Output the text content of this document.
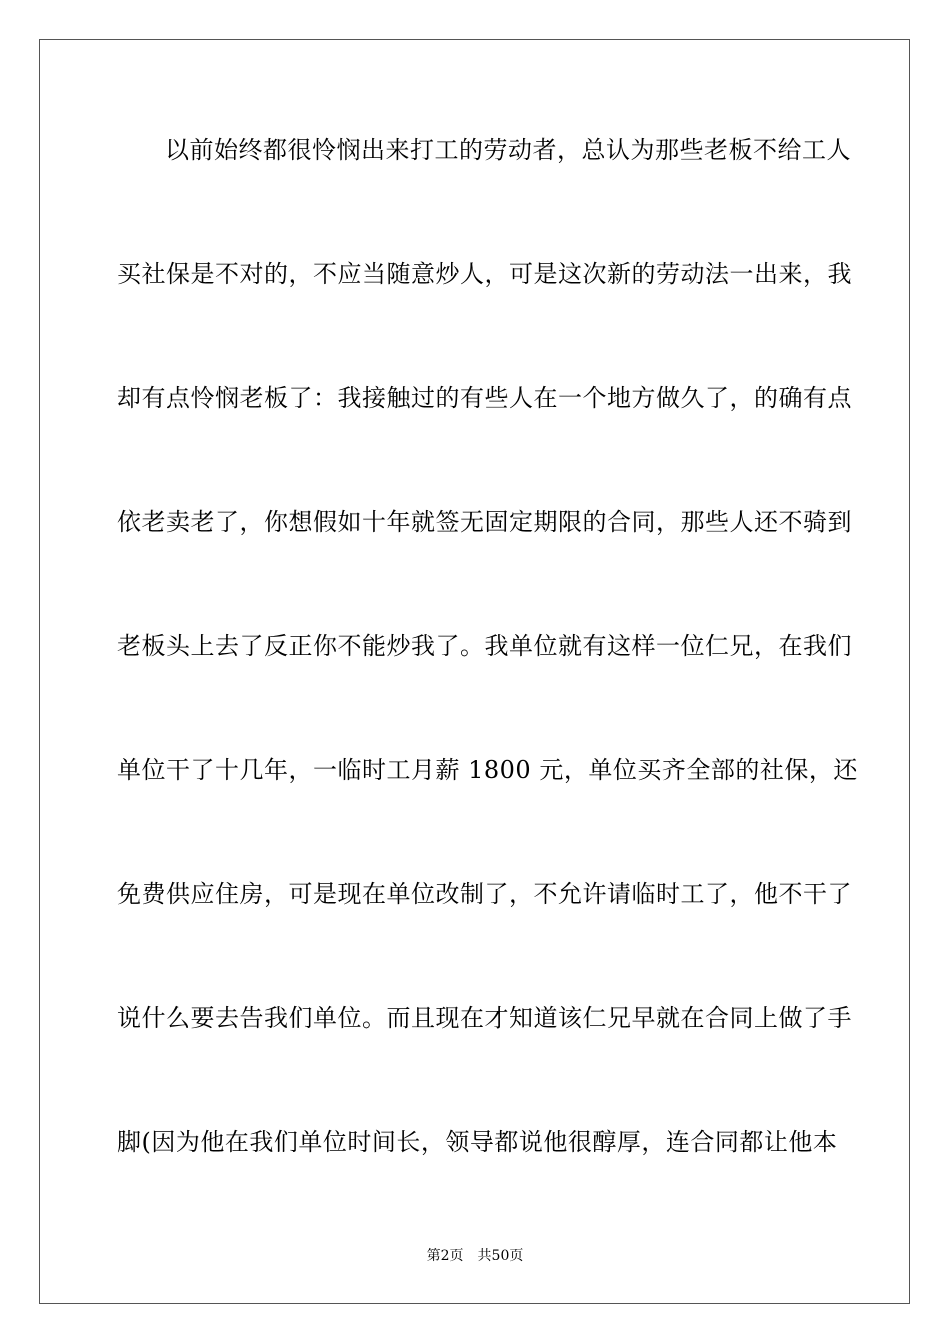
以前始终都很怜悯出来打工的劳动者，总认为那些老板不给工人
买社保是不对的，不应当随意炒人，可是这次新的劳动法一出来，我
却有点怜悯老板了：我接触过的有些人在一个地方做久了，的确有点
依老卖老了，你想假如十年就签无固定期限的合同，那些人还不骑到
老板头上去了反正你不能炒我了。我单位就有这样一位仁兄，在我们
单位干了十几年，一临时工月薪 1800 元，单位买齐全部的社保，还
免费供应住房，可是现在单位改制了，不允许请临时工了，他不干了
说什么要去告我们单位。而且现在才知道该仁兄早就在合同上做了手
脚(因为他在我们单位时间长，领导都说他很醇厚，连合同都让他本
第2页 共50页
